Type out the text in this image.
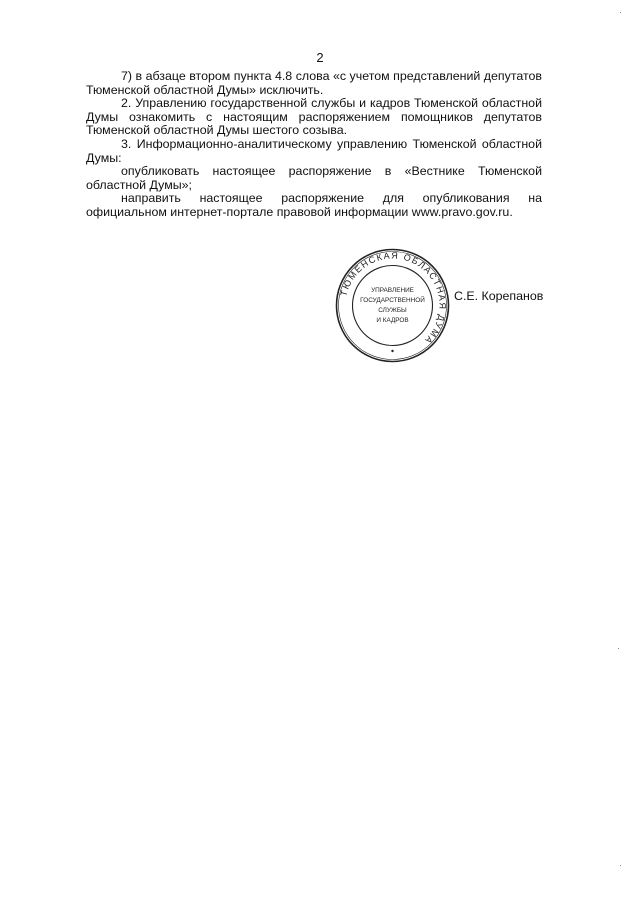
2

7) в абзаце втором пункта 4.8 слова «с учетом представлений депутатов Тюменской областной Думы» исключить.

2. Управлению государственной службы и кадров Тюменской областной Думы ознакомить с настоящим распоряжением помощников депутатов Тюменской областной Думы шестого созыва.

3. Информационно-аналитическому управлению Тюменской областной Думы:

опубликовать настоящее распоряжение в «Вестнике Тюменской областной Думы»;

направить настоящее распоряжение для опубликования на официальном интернет-портале правовой информации www.pravo.gov.ru.

ТЮМЕНСКАЯ ОБЛАСТНАЯ ДУМА
УПРАВЛЕНИЕ
ГОСУДАРСТВЕННОЙ
СЛУЖБЫ
И КАДРОВ
С.Е. Корепанов
